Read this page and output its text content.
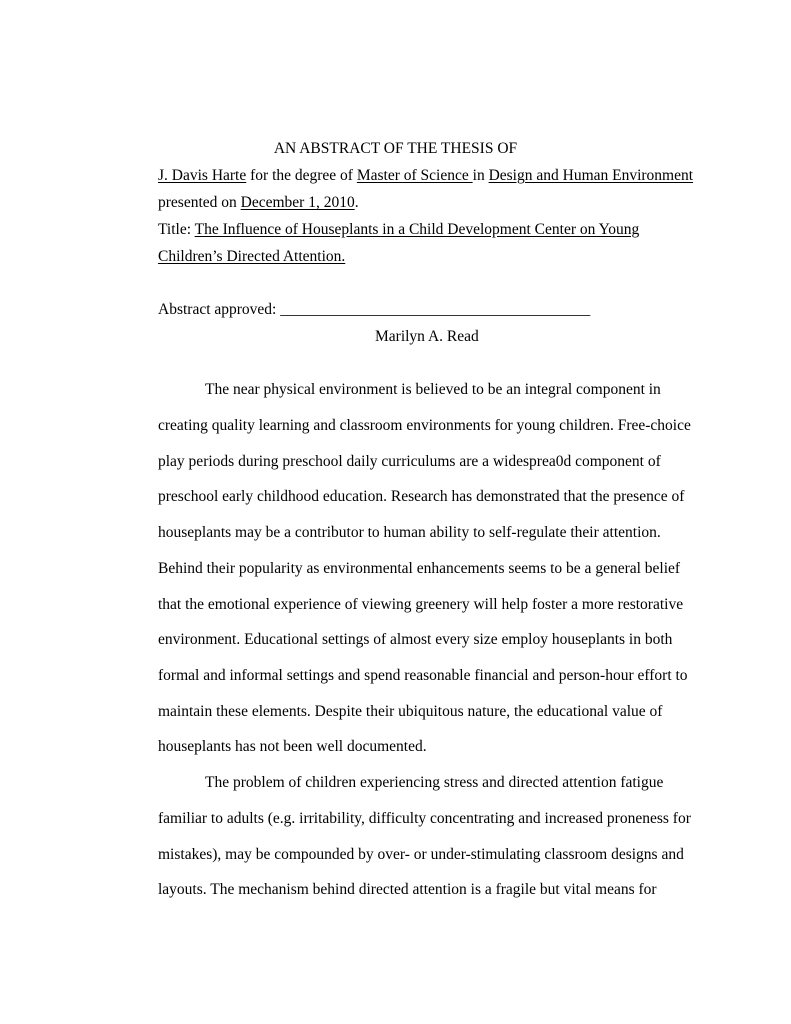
AN ABSTRACT OF THE THESIS OF
J. Davis Harte for the degree of Master of Science in Design and Human Environment
presented on December 1, 2010.
Title: The Influence of Houseplants in a Child Development Center on Young
Children’s Directed Attention.
Abstract approved: ________________________________________
Marilyn A. Read
The near physical environment is believed to be an integral component in
creating quality learning and classroom environments for young children. Free-choice
play periods during preschool daily curriculums are a widesprea0d component of
preschool early childhood education. Research has demonstrated that the presence of
houseplants may be a contributor to human ability to self-regulate their attention.
Behind their popularity as environmental enhancements seems to be a general belief
that the emotional experience of viewing greenery will help foster a more restorative
environment. Educational settings of almost every size employ houseplants in both
formal and informal settings and spend reasonable financial and person-hour effort to
maintain these elements. Despite their ubiquitous nature, the educational value of
houseplants has not been well documented.
The problem of children experiencing stress and directed attention fatigue
familiar to adults (e.g. irritability, difficulty concentrating and increased proneness for
mistakes), may be compounded by over- or under-stimulating classroom designs and
layouts. The mechanism behind directed attention is a fragile but vital means for
